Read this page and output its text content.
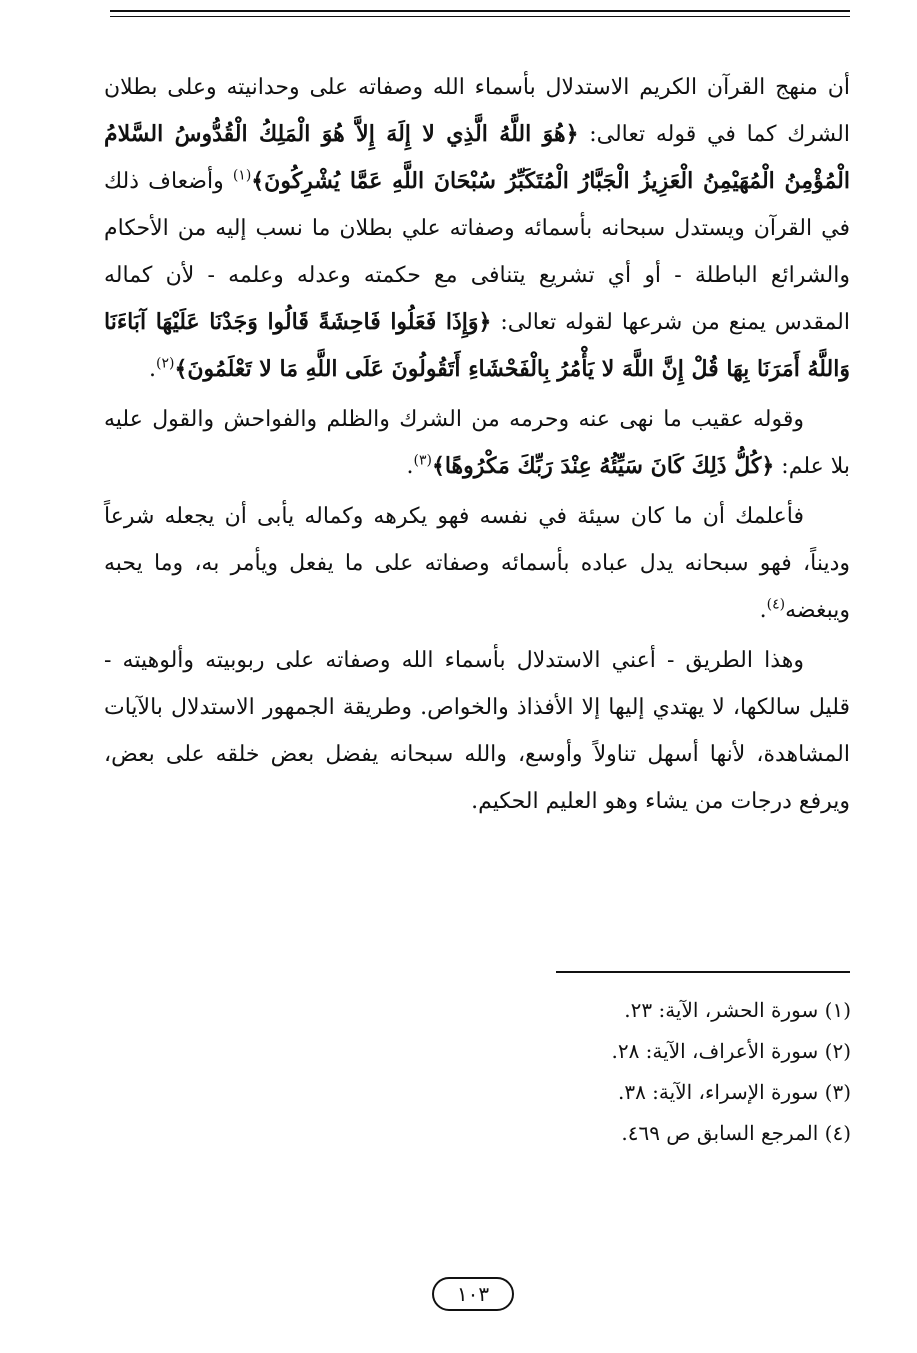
أن منهج القرآن الكريم الاستدلال بأسماء الله وصفاته على وحدانيته وعلى بطلان الشرك كما في قوله تعالى: ﴿هُوَ اللَّهُ الَّذِي لا إِلَهَ إِلاَّ هُوَ الْمَلِكُ الْقُدُّوسُ السَّلامُ الْمُؤْمِنُ الْمُهَيْمِنُ الْعَزِيزُ الْجَبَّارُ الْمُتَكَبِّرُ سُبْحَانَ اللَّهِ عَمَّا يُشْرِكُونَ﴾$^{(١)}$ وأضعاف ذلك في القرآن ويستدل سبحانه بأسمائه وصفاته علي بطلان ما نسب إليه من الأحكام والشرائع الباطلة - أو أي تشريع يتنافى مع حكمته وعدله وعلمه - لأن كماله المقدس يمنع من شرعها لقوله تعالى: ﴿وَإِذَا فَعَلُوا فَاحِشَةً قَالُوا وَجَدْنَا عَلَيْهَا آبَاءَنَا وَاللَّهُ أَمَرَنَا بِهَا قُلْ إِنَّ اللَّهَ لا يَأْمُرُ بِالْفَحْشَاءِ أَتَقُولُونَ عَلَى اللَّهِ مَا لا تَعْلَمُونَ﴾$^{(٢)}$.

وقوله عقيب ما نهى عنه وحرمه من الشرك والظلم والفواحش والقول عليه بلا علم: ﴿كُلُّ ذَلِكَ كَانَ سَيِّئُهُ عِنْدَ رَبِّكَ مَكْرُوهًا﴾$^{(٣)}$.

فأعلمك أن ما كان سيئة في نفسه فهو يكرهه وكماله يأبى أن يجعله شرعاً وديناً، فهو سبحانه يدل عباده بأسمائه وصفاته على ما يفعل ويأمر به، وما يحبه ويبغضه$^{(٤)}$.

وهذا الطريق - أعني الاستدلال بأسماء الله وصفاته على ربوبيته وألوهيته - قليل سالكها، لا يهتدي إليها إلا الأفذاذ والخواص. وطريقة الجمهور الاستدلال بالآيات المشاهدة، لأنها أسهل تناولاً وأوسع، والله سبحانه يفضل بعض خلقه على بعض، ويرفع درجات من يشاء وهو العليم الحكيم.

(١) سورة الحشر، الآية: ٢٣.
(٢) سورة الأعراف، الآية: ٢٨.
(٣) سورة الإسراء، الآية: ٣٨.
(٤) المرجع السابق ص ٤٦٩.
١٠٣
